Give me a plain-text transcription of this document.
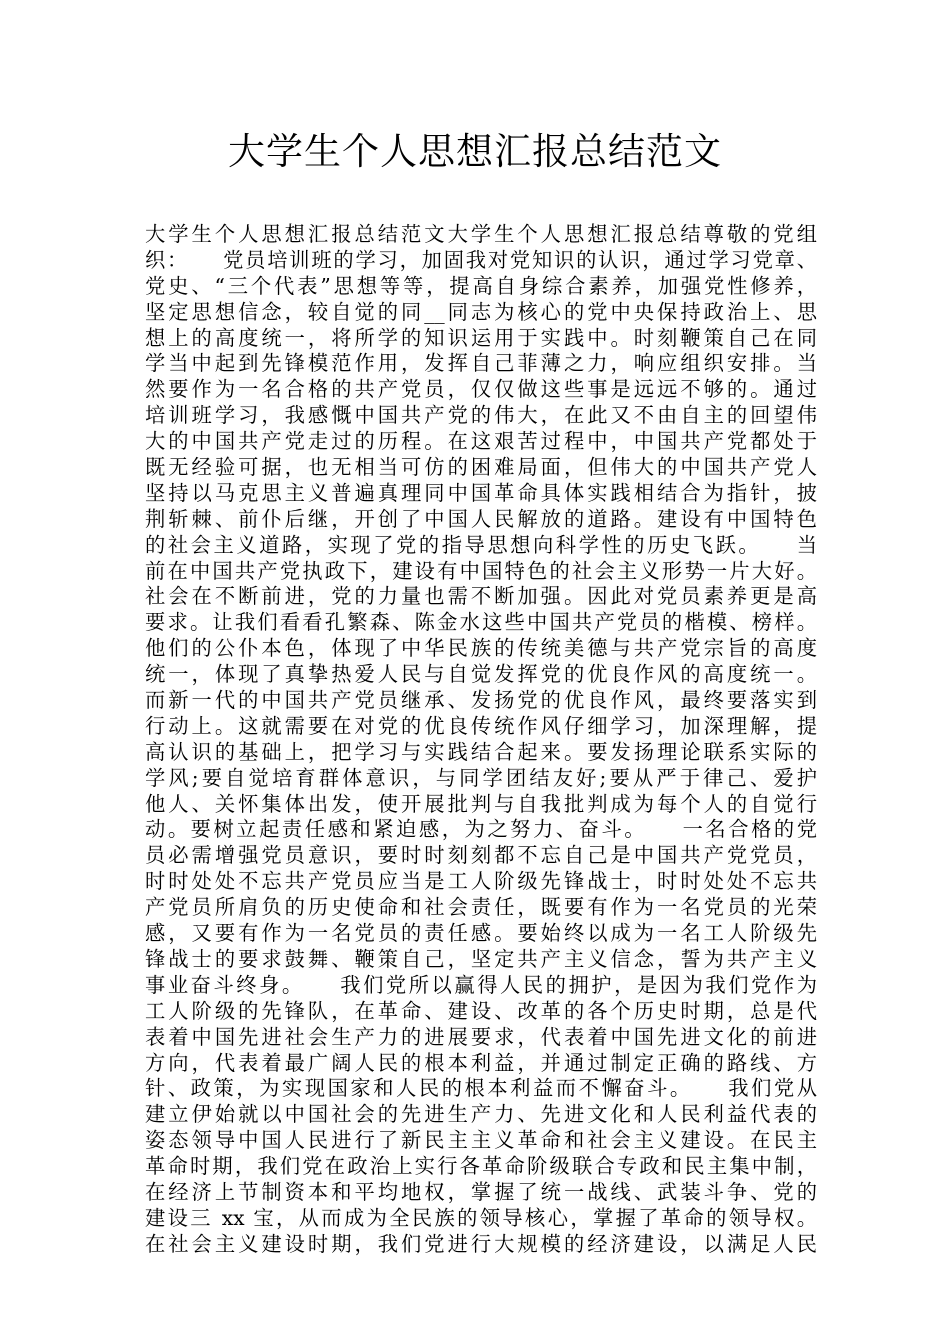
大学生个人思想汇报总结范文
大学生个人思想汇报总结范文大学生个人思想汇报总结尊敬的党组
织：　　党员培训班的学习，加固我对党知识的认识，通过学习党章、
党史、“三个代表”思想等等，提高自身综合素养，加强党性修养，
坚定思想信念，较自觉的同__同志为核心的党中央保持政治上、思
想上的高度统一，将所学的知识运用于实践中。时刻鞭策自己在同
学当中起到先锋模范作用，发挥自己菲薄之力，响应组织安排。当
然要作为一名合格的共产党员，仅仅做这些事是远远不够的。通过
培训班学习，我感慨中国共产党的伟大，在此又不由自主的回望伟
大的中国共产党走过的历程。在这艰苦过程中，中国共产党都处于
既无经验可据，也无相当可仿的困难局面，但伟大的中国共产党人
坚持以马克思主义普遍真理同中国革命具体实践相结合为指针，披
荆斩棘、前仆后继，开创了中国人民解放的道路。建设有中国特色
的社会主义道路，实现了党的指导思想向科学性的历史飞跃。　　当
前在中国共产党执政下，建设有中国特色的社会主义形势一片大好。
社会在不断前进，党的力量也需不断加强。因此对党员素养更是高
要求。让我们看看孔繁森、陈金水这些中国共产党员的楷模、榜样。
他们的公仆本色，体现了中华民族的传统美德与共产党宗旨的高度
统一，体现了真挚热爱人民与自觉发挥党的优良作风的高度统一。
而新一代的中国共产党员继承、发扬党的优良作风，最终要落实到
行动上。这就需要在对党的优良传统作风仔细学习，加深理解，提
高认识的基础上，把学习与实践结合起来。要发扬理论联系实际的
学风;要自觉培育群体意识，与同学团结友好;要从严于律己、爱护
他人、关怀集体出发，使开展批判与自我批判成为每个人的自觉行
动。要树立起责任感和紧迫感，为之努力、奋斗。　　一名合格的党
员必需增强党员意识，要时时刻刻都不忘自己是中国共产党党员，
时时处处不忘共产党员应当是工人阶级先锋战士，时时处处不忘共
产党员所肩负的历史使命和社会责任，既要有作为一名党员的光荣
感，又要有作为一名党员的责任感。要始终以成为一名工人阶级先
锋战士的要求鼓舞、鞭策自己，坚定共产主义信念，誓为共产主义
事业奋斗终身。　　我们党所以赢得人民的拥护，是因为我们党作为
工人阶级的先锋队，在革命、建设、改革的各个历史时期，总是代
表着中国先进社会生产力的进展要求，代表着中国先进文化的前进
方向，代表着最广阔人民的根本利益，并通过制定正确的路线、方
针、政策，为实现国家和人民的根本利益而不懈奋斗。　　我们党从
建立伊始就以中国社会的先进生产力、先进文化和人民利益代表的
姿态领导中国人民进行了新民主主义革命和社会主义建设。在民主
革命时期，我们党在政治上实行各革命阶级联合专政和民主集中制，
在经济上节制资本和平均地权，掌握了统一战线、武装斗争、党的
建设三 xx 宝，从而成为全民族的领导核心，掌握了革命的领导权。
在社会主义建设时期，我们党进行大规模的经济建设，以满足人民
